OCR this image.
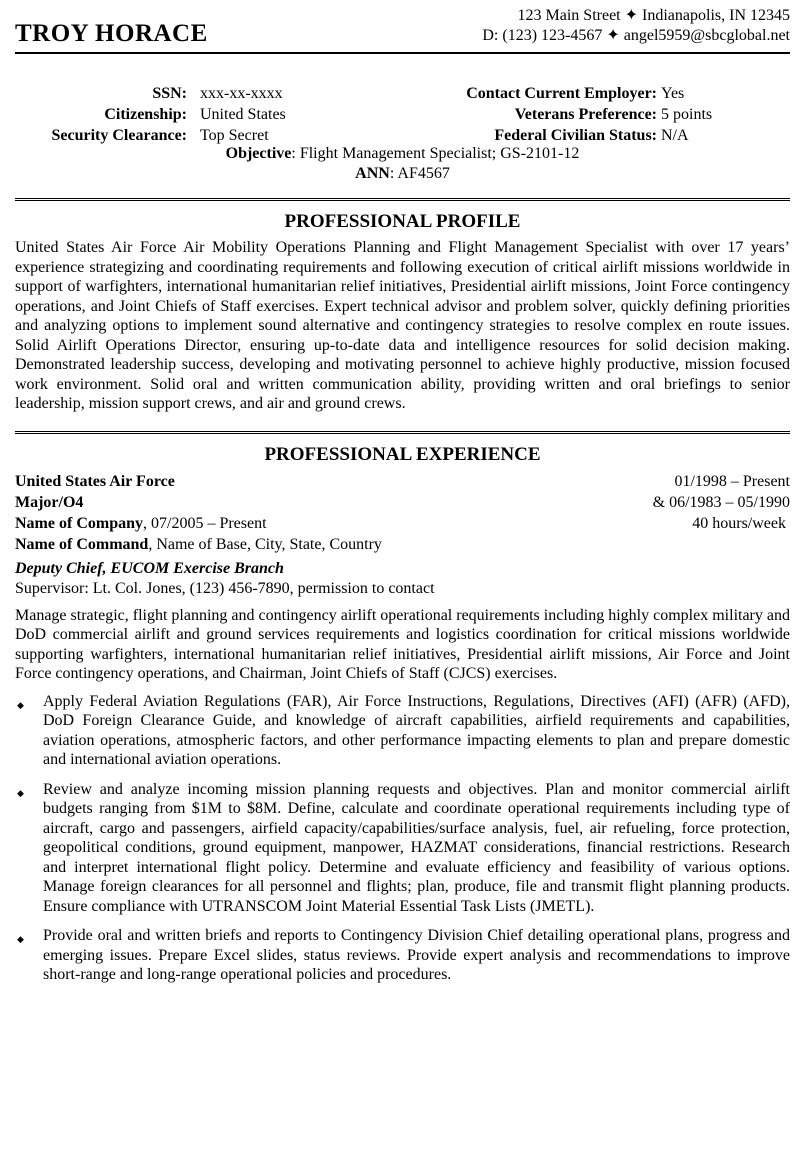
TROY HORACE
123 Main Street ✦ Indianapolis, IN 12345
D: (123) 123-4567 ✦ angel5959@sbcglobal.net
SSN: xxx-xx-xxxx
Citizenship: United States
Security Clearance: Top Secret
Contact Current Employer: Yes
Veterans Preference: 5 points
Federal Civilian Status: N/A
Objective: Flight Management Specialist; GS-2101-12
ANN: AF4567
PROFESSIONAL PROFILE

United States Air Force Air Mobility Operations Planning and Flight Management Specialist with over 17 years’ experience strategizing and coordinating requirements and following execution of critical airlift missions worldwide in support of warfighters, international humanitarian relief initiatives, Presidential airlift missions, Joint Force contingency operations, and Joint Chiefs of Staff exercises. Expert technical advisor and problem solver, quickly defining priorities and analyzing options to implement sound alternative and contingency strategies to resolve complex en route issues. Solid Airlift Operations Director, ensuring up-to-date data and intelligence resources for solid decision making. Demonstrated leadership success, developing and motivating personnel to achieve highly productive, mission focused work environment. Solid oral and written communication ability, providing written and oral briefings to senior leadership, mission support crews, and air and ground crews.

PROFESSIONAL EXPERIENCE
United States Air Force
Major/O4
Name of Company, 07/2005 – Present
Name of Command, Name of Base, City, State, Country
01/1998 – Present
& 06/1983 – 05/1990
40 hours/week
Deputy Chief, EUCOM Exercise Branch
Supervisor: Lt. Col. Jones, (123) 456-7890, permission to contact

Manage strategic, flight planning and contingency airlift operational requirements including highly complex military and DoD commercial airlift and ground services requirements and logistics coordination for critical missions worldwide supporting warfighters, international humanitarian relief initiatives, Presidential airlift missions, Air Force and Joint Force contingency operations, and Chairman, Joint Chiefs of Staff (CJCS) exercises.

◆ Apply Federal Aviation Regulations (FAR), Air Force Instructions, Regulations, Directives (AFI) (AFR) (AFD), DoD Foreign Clearance Guide, and knowledge of aircraft capabilities, airfield requirements and capabilities, aviation operations, atmospheric factors, and other performance impacting elements to plan and prepare domestic and international aviation operations.
◆ Review and analyze incoming mission planning requests and objectives. Plan and monitor commercial airlift budgets ranging from $1M to $8M. Define, calculate and coordinate operational requirements including type of aircraft, cargo and passengers, airfield capacity/capabilities/surface analysis, fuel, air refueling, force protection, geopolitical conditions, ground equipment, manpower, HAZMAT considerations, financial restrictions. Research and interpret international flight policy. Determine and evaluate efficiency and feasibility of various options. Manage foreign clearances for all personnel and flights; plan, produce, file and transmit flight planning products. Ensure compliance with UTRANSCOM Joint Material Essential Task Lists (JMETL).
◆ Provide oral and written briefs and reports to Contingency Division Chief detailing operational plans, progress and emerging issues. Prepare Excel slides, status reviews. Provide expert analysis and recommendations to improve short-range and long-range operational policies and procedures.
